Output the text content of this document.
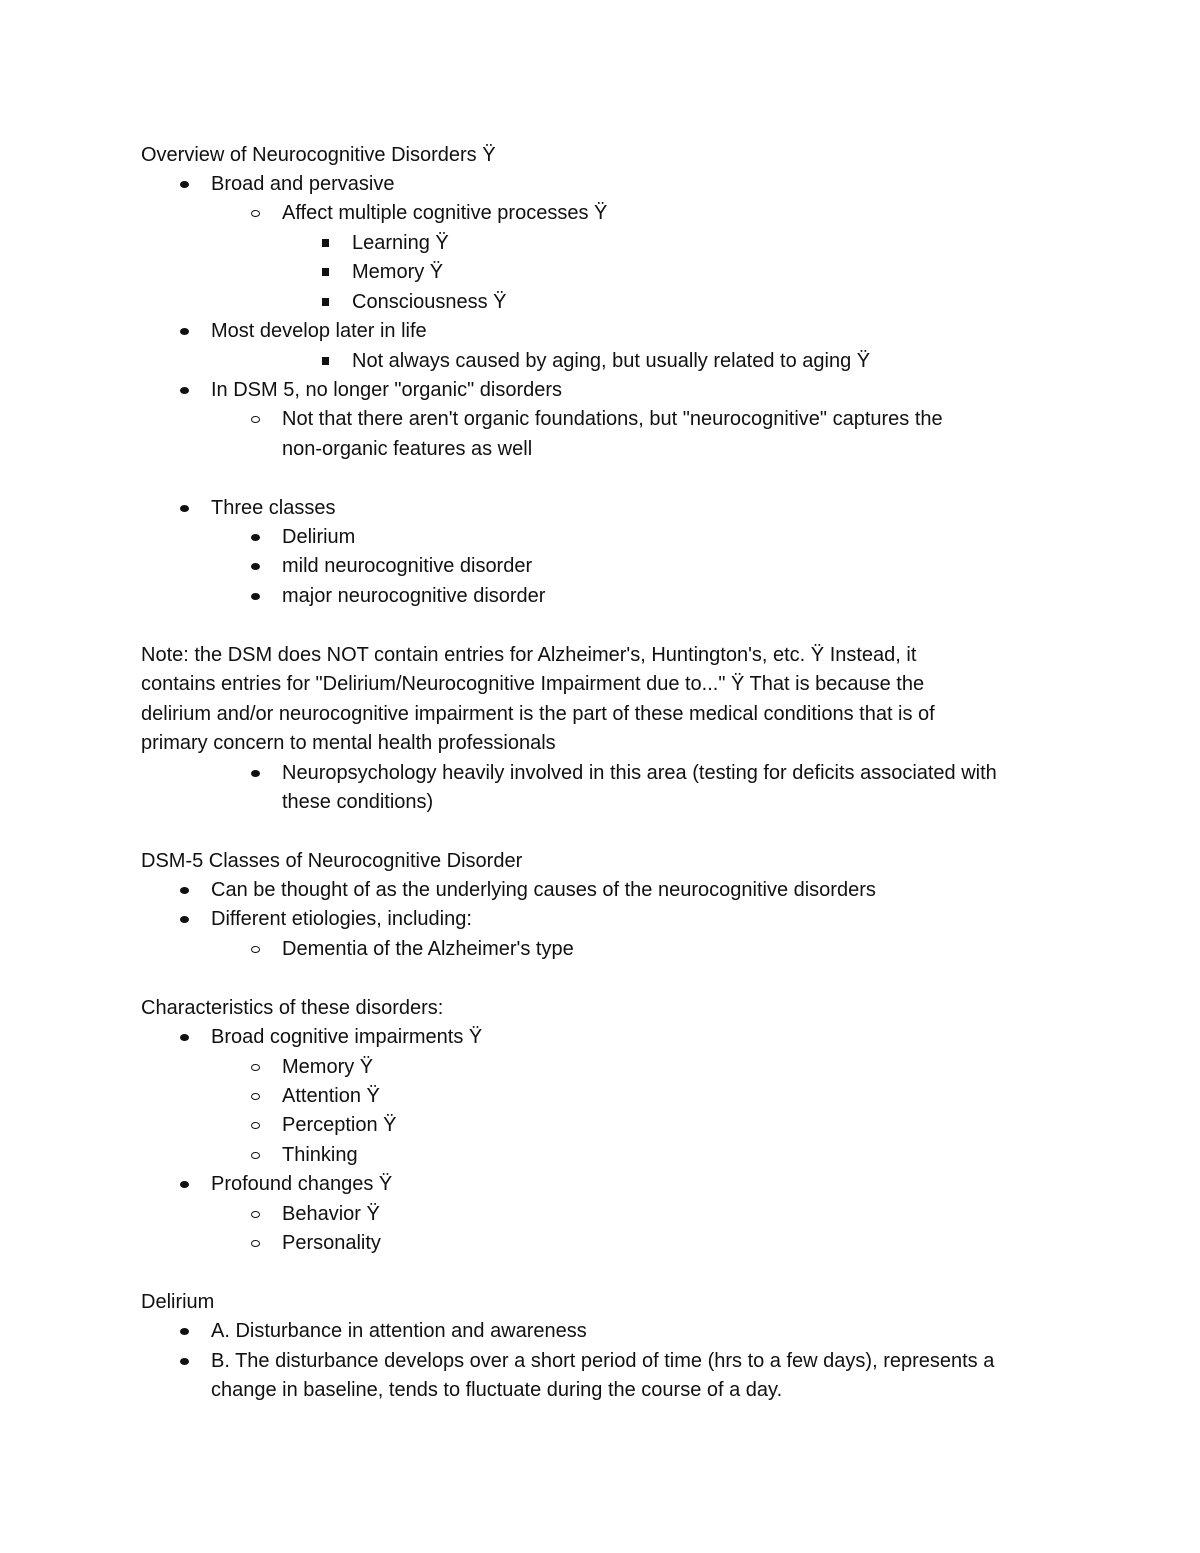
Overview of Neurocognitive Disorders Ÿ
Broad and pervasive
Affect multiple cognitive processes Ÿ
Learning Ÿ
Memory Ÿ
Consciousness Ÿ
Most develop later in life
Not always caused by aging, but usually related to aging Ÿ
In DSM 5, no longer "organic" disorders
Not that there aren't organic foundations, but "neurocognitive" captures the
non-organic features as well
Three classes
Delirium
mild neurocognitive disorder
major neurocognitive disorder
Note: the DSM does NOT contain entries for Alzheimer's, Huntington's, etc. Ÿ Instead, it
contains entries for "Delirium/Neurocognitive Impairment due to..." Ÿ That is because the
delirium and/or neurocognitive impairment is the part of these medical conditions that is of
primary concern to mental health professionals
Neuropsychology heavily involved in this area (testing for deficits associated with
these conditions)
DSM-5 Classes of Neurocognitive Disorder
Can be thought of as the underlying causes of the neurocognitive disorders
Different etiologies, including:
Dementia of the Alzheimer's type
Characteristics of these disorders:
Broad cognitive impairments Ÿ
Memory Ÿ
Attention Ÿ
Perception Ÿ
Thinking
Profound changes Ÿ
Behavior Ÿ
Personality
Delirium
A. Disturbance in attention and awareness
B. The disturbance develops over a short period of time (hrs to a few days), represents a
change in baseline, tends to fluctuate during the course of a day.
